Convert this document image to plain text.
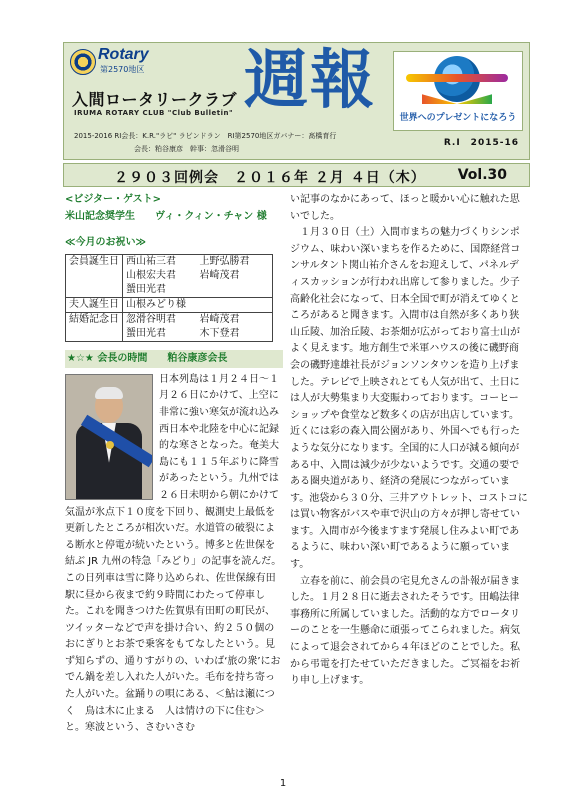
Rotary
第2570地区
入間ロータリークラブ
IRUMA ROTARY CLUB "Club Bulletin" 週報	世界へのプレゼントになろう
R.I　2015-16
2015-2016 RI会長：K.R."ラビ" ラビンドラン　RI第2570地区ガバナー：髙橋育行
会長：粕谷康彦　幹事：忽滑谷明
２９０３回例会　２０１６年 ２月 ４日（木） Vol.30
<ビジター・ゲスト>
米山記念奨学生　　ヴィ・クィン・チャン 様
≪今月のお祝い≫
会員誕生日	西山祐三君 上野弘勝君
山根宏夫君 岩崎茂君
蜑田光君

夫人誕生日	山根みどり様

結婚記念日	忽滑谷明君 岩崎茂君
蜑田光君 木下登君
★☆★ 会長の時間　　粕谷康彦会長

日本列島は１月２４日～１月２６日にかけて、上空に非常に強い寒気が流れ込み西日本や北陸を中心に記録的な寒さとなった。奄美大島にも１１５年ぶりに降雪があったという。九州では２６日未明から朝にかけて気温が氷点下１０度を下回り、観測史上最低を更新したところが相次いだ。水道管の破裂による断水と停電が続いたという。博多と佐世保を結ぶ JR 九州の特急「みどり」の記事を読んだ。この日列車は雪に降り込められ、佐世保線有田駅に昼から夜まで約９時間にわたって停車した。これを聞きつけた佐賀県有田町の町民が、ツイッターなどで声を掛け合い、約２５０個のおにぎりとお茶で乗客をもてなしたという。見ず知らずの、通りすがりの、いわば‘旅の衆’におでん鍋を差し入れた人がいた。毛布を持ち寄った人がいた。盆踊りの唄にある、＜鮎は瀬につく　鳥は木に止まる　人は情けの下に住む＞と。寒波という、さむいさむ

い記事のなかにあって、ほっと暖かい心に触れた思いでした。

１月３０日（土）入間市まちの魅力づくりシンポジウム、味わい深いまちを作るために、国際経営コンサルタント関山祐介さんをお迎えして、パネルディスカッションが行われ出席して参りました。少子高齢化社会になって、日本全国で町が消えてゆくところがあると聞きます。入間市は自然が多くあり狭山丘陵、加治丘陵、お茶畑が広がっており富士山がよく見えます。地方創生で米軍ハウスの後に磯野商会の磯野達雄社長がジョンソンタウンを造り上げました。テレビで上映されとても人気が出て、土日には人が大勢集まり大変賑わっております。コーヒーショップや食堂など数多くの店が出店しています。近くには彩の森入間公園があり、外国へでも行ったような気分になります。全国的に人口が減る傾向がある中、入間は減少が少ないようです。交通の要である圏央道があり、経済の発展につながっています。池袋から３０分、三井アウトレット、コストコには買い物客がバスや車で沢山の方々が押し寄せています。入間市が今後ますます発展し住みよい町であるように、味わい深い町であるように願っています。

立春を前に、前会員の宅見允さんの訃報が届きました。１月２８日に逝去されたそうです。田嶋法律事務所に所属していました。活動的な方でロータリーのことを一生懸命に頑張ってこられました。病気によって退会されてから４年ほどのことでした。私から弔電を打たせていただきました。ご冥福をお祈り申し上げます。

1
